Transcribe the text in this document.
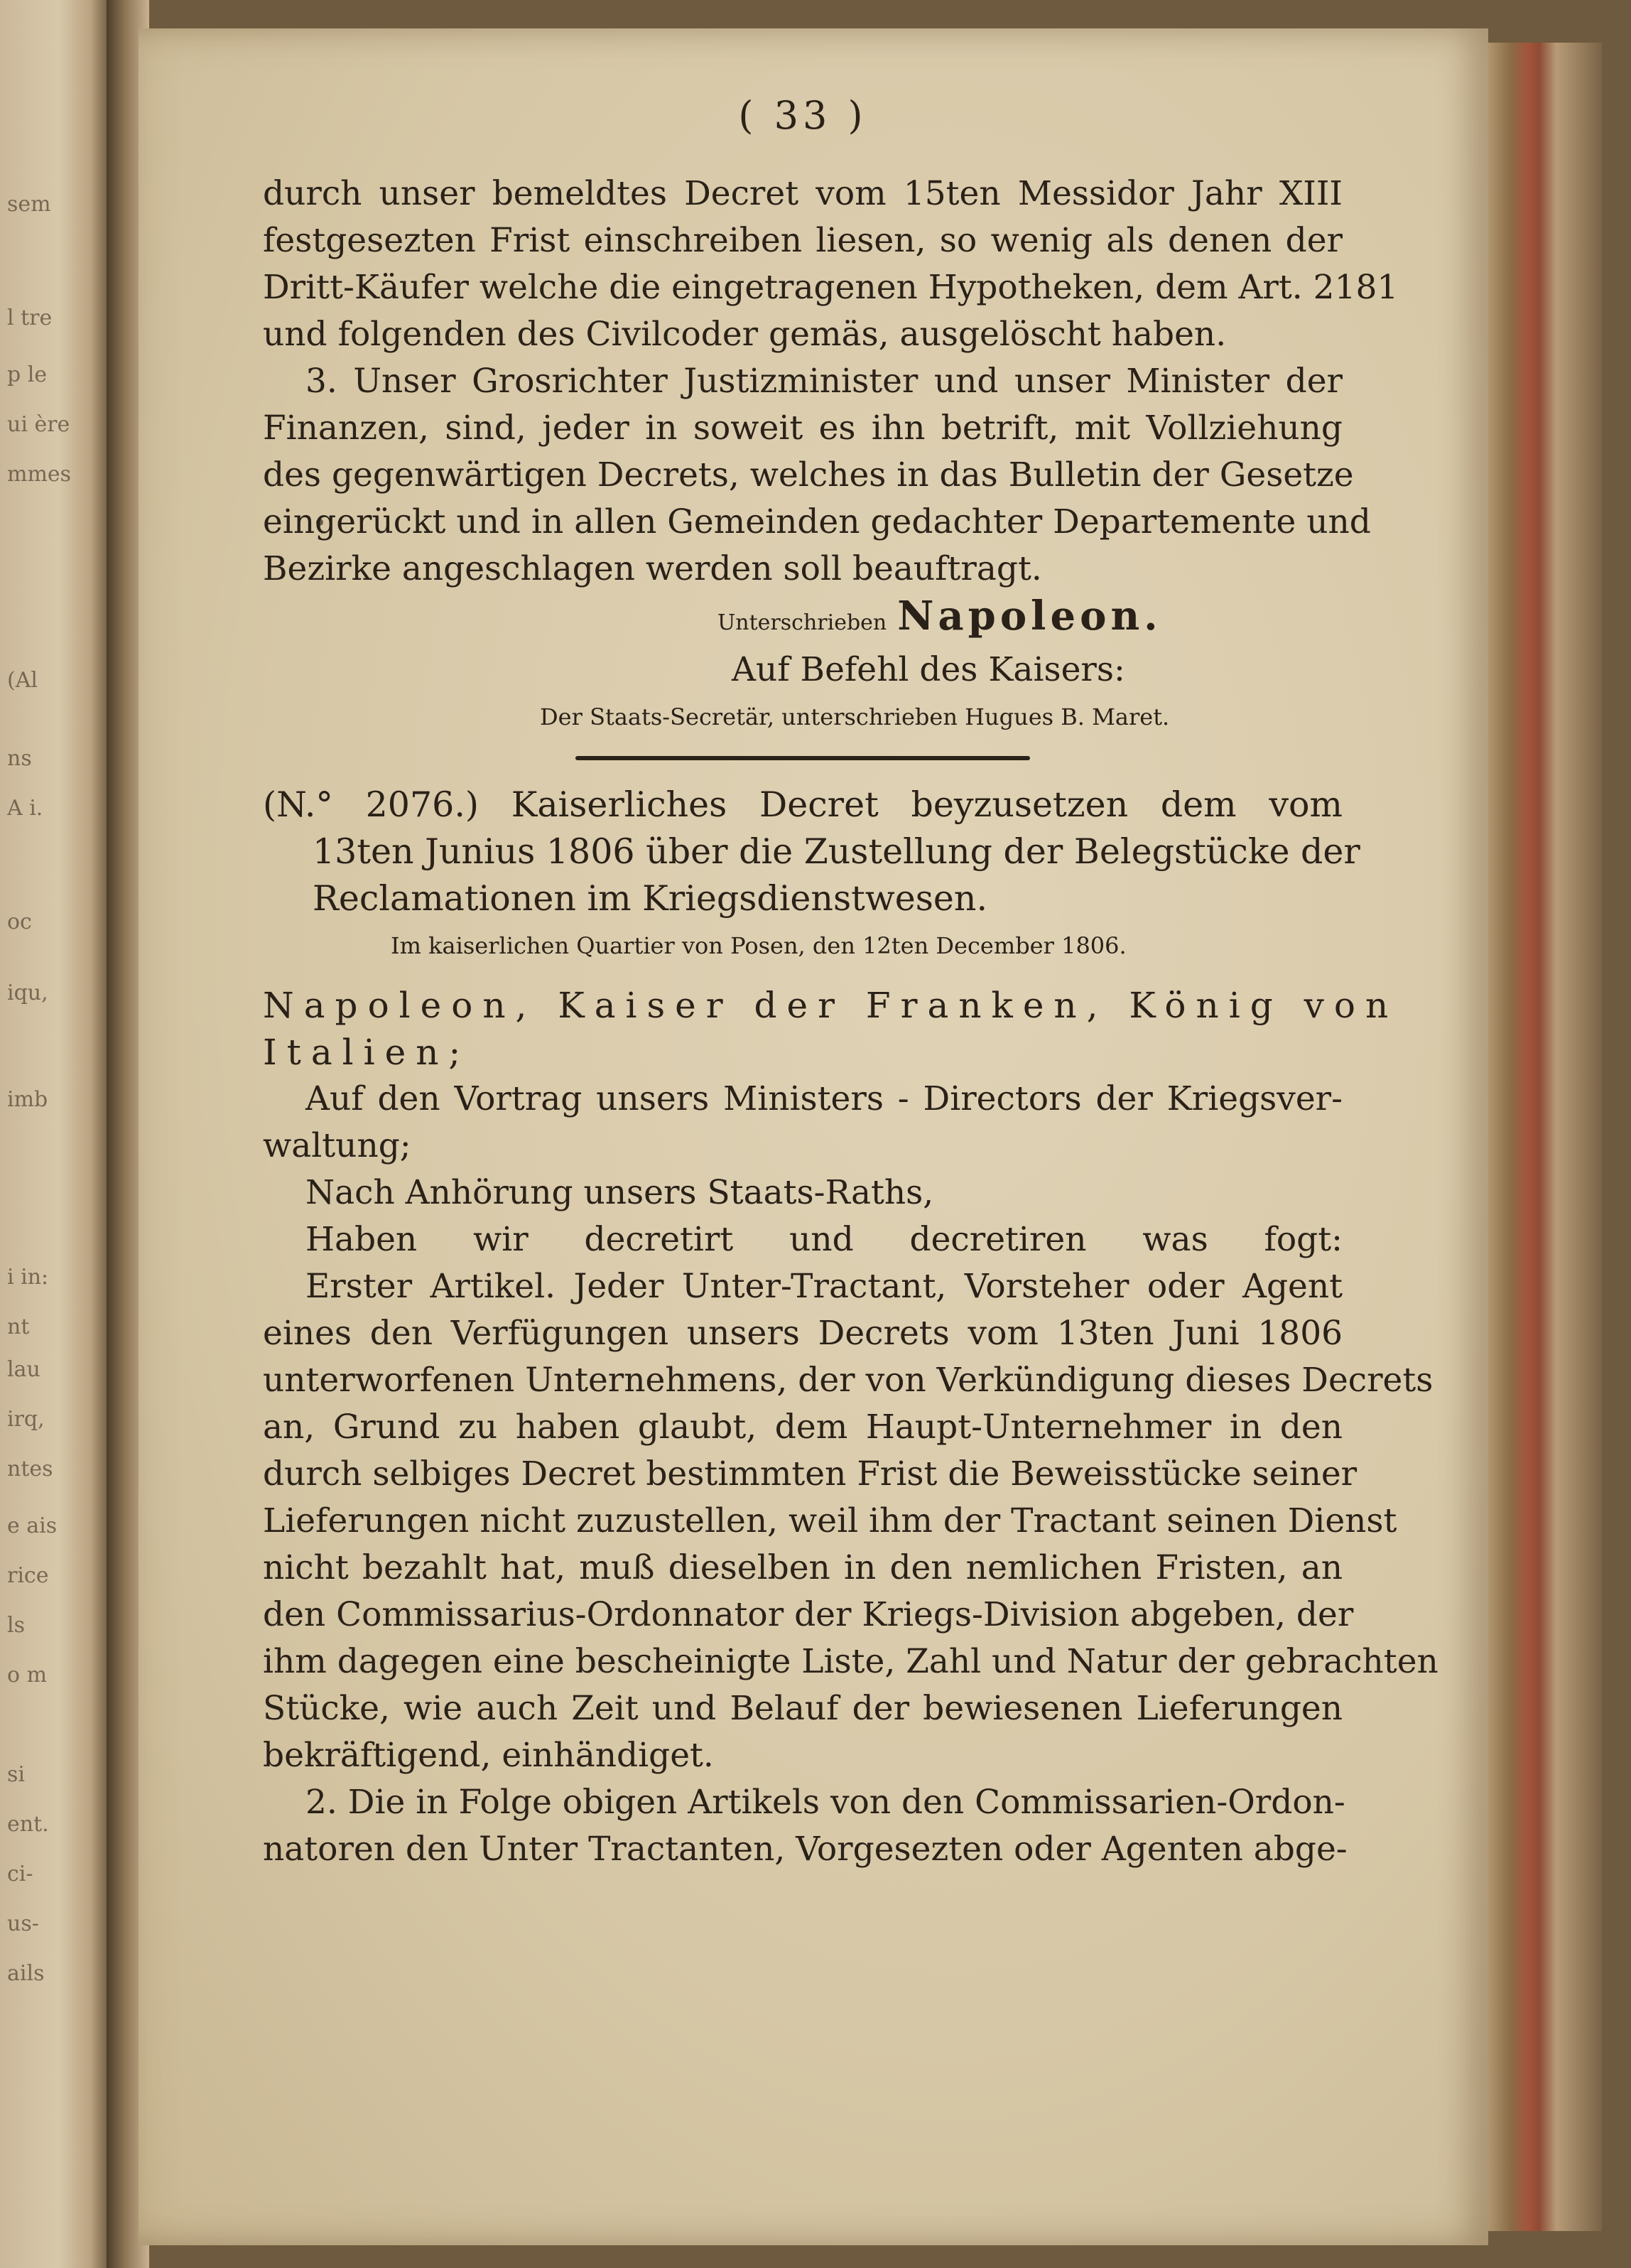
sem
l tre
p le
ui ère
mmes
(Al
ns
A i.
oc
iqu,
imb
i in:
nt
lau
irq,
ntes
e ais
rice
ls
o m
si
ent.
ci-
us-
ails
( 33 )
durch unser bemeldtes Decret vom 15ten Messidor Jahr XIII
festgesezten Frist einschreiben liesen, so wenig als denen der
Dritt-Käufer welche die eingetragenen Hypotheken, dem Art. 2181
und folgenden des Civilcoder gemäs, ausgelöscht haben.
3. Unser Grosrichter Justizminister und unser Minister der
Finanzen, sind, jeder in soweit es ihn betrift, mit Vollziehung
des gegenwärtigen Decrets, welches in das Bulletin der Gesetze
eingerückt und in allen Gemeinden gedachter Departemente und
Bezirke angeschlagen werden soll beauftragt.
Unterschrieben Napoleon.
Auf Befehl des Kaisers:
Der Staats-Secretär, unterschrieben Hugues B. Maret.
(N.° 2076.) Kaiserliches Decret beyzusetzen dem vom
13ten Junius 1806 über die Zustellung der Belegstücke der
Reclamationen im Kriegsdienstwesen.
Im kaiserlichen Quartier von Posen, den 12ten December 1806.
Napoleon, Kaiser der Franken, König von
Italien;
Auf den Vortrag unsers Ministers - Directors der Kriegsver-
waltung;
Nach Anhörung unsers Staats-Raths,
Haben wir decretirt und decretiren was fogt:
Erster Artikel. Jeder Unter-Tractant, Vorsteher oder Agent
eines den Verfügungen unsers Decrets vom 13ten Juni 1806
unterworfenen Unternehmens, der von Verkündigung dieses Decrets
an, Grund zu haben glaubt, dem Haupt-Unternehmer in den
durch selbiges Decret bestimmten Frist die Beweisstücke seiner
Lieferungen nicht zuzustellen, weil ihm der Tractant seinen Dienst
nicht bezahlt hat, muß dieselben in den nemlichen Fristen, an
den Commissarius-Ordonnator der Kriegs-Division abgeben, der
ihm dagegen eine bescheinigte Liste, Zahl und Natur der gebrachten
Stücke, wie auch Zeit und Belauf der bewiesenen Lieferungen
bekräftigend, einhändiget.
2. Die in Folge obigen Artikels von den Commissarien-Ordon-
natoren den Unter Tractanten, Vorgesezten oder Agenten abge-
